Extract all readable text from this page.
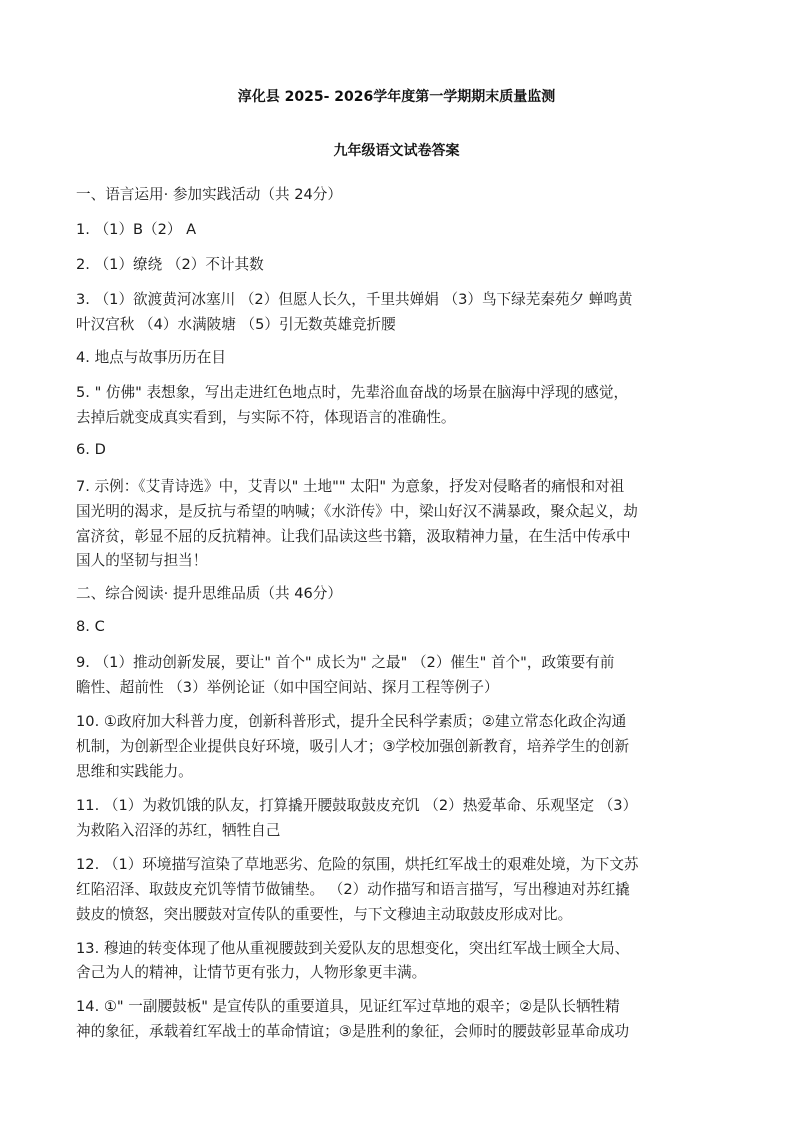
淳化县 2025- 2026学年度第一学期期末质量监测
九年级语文试卷答案
一、语言运用· 参加实践活动（共 24分）
1. （1）B（2） A
2. （1）缭绕 （2）不计其数
3. （1）欲渡黄河冰塞川 （2）但愿人长久，千里共婵娟 （3）鸟下绿芜秦苑夕 蝉鸣黄
叶汉宫秋 （4）水满陂塘 （5）引无数英雄竞折腰
4. 地点与故事历历在目
5. " 仿佛" 表想象，写出走进红色地点时，先辈浴血奋战的场景在脑海中浮现的感觉，
去掉后就变成真实看到，与实际不符，体现语言的准确性。
6. D
7. 示例：《艾青诗选》中，艾青以" 土地"" 太阳" 为意象，抒发对侵略者的痛恨和对祖
国光明的渴求，是反抗与希望的呐喊；《水浒传》中，梁山好汉不满暴政，聚众起义，劫
富济贫，彰显不屈的反抗精神。让我们品读这些书籍，汲取精神力量，在生活中传承中
国人的坚韧与担当！
二、综合阅读· 提升思维品质（共 46分）
8. C
9. （1）推动创新发展，要让" 首个" 成长为" 之最" （2）催生" 首个"，政策要有前
瞻性、超前性 （3）举例论证（如中国空间站、探月工程等例子）
10. ①政府加大科普力度，创新科普形式，提升全民科学素质；②建立常态化政企沟通
机制，为创新型企业提供良好环境，吸引人才；③学校加强创新教育，培养学生的创新
思维和实践能力。
11. （1）为救饥饿的队友，打算撬开腰鼓取鼓皮充饥 （2）热爱革命、乐观坚定 （3）
为救陷入沼泽的苏红，牺牲自己
12. （1）环境描写渲染了草地恶劣、危险的氛围，烘托红军战士的艰难处境，为下文苏
红陷沼泽、取鼓皮充饥等情节做铺垫。 （2）动作描写和语言描写，写出穆迪对苏红撬
鼓皮的愤怒，突出腰鼓对宣传队的重要性，与下文穆迪主动取鼓皮形成对比。
13. 穆迪的转变体现了他从重视腰鼓到关爱队友的思想变化，突出红军战士顾全大局、
舍己为人的精神，让情节更有张力，人物形象更丰满。
14. ①" 一副腰鼓板" 是宣传队的重要道具，见证红军过草地的艰辛；②是队长牺牲精
神的象征，承载着红军战士的革命情谊；③是胜利的象征，会师时的腰鼓彰显革命成功
